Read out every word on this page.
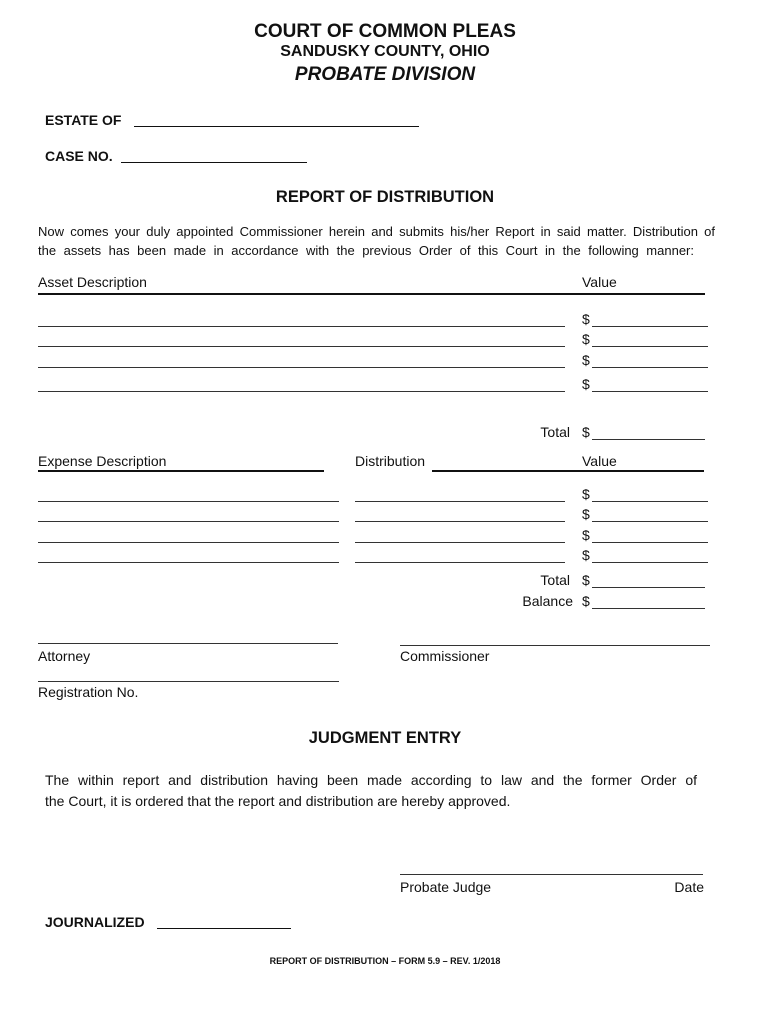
COURT OF COMMON PLEAS
SANDUSKY COUNTY, OHIO
PROBATE DIVISION
ESTATE OF
CASE NO.
REPORT OF DISTRIBUTION
Now comes your duly appointed Commissioner herein and submits his/her Report in said matter. Distribution of
the assets has been made in accordance with the previous Order of this Court in the following manner:
Asset Description	Value
$
$
$
$
Total $
Expense Description	Distribution	Value
$
$
$
$
Total $
Balance $
Attorney	Commissioner
Registration No.
JUDGMENT ENTRY
The within report and distribution having been made according to law and the former Order of
the Court, it is ordered that the report and distribution are hereby approved.
Probate Judge	Date
JOURNALIZED
REPORT OF DISTRIBUTION – FORM 5.9 – REV. 1/2018
